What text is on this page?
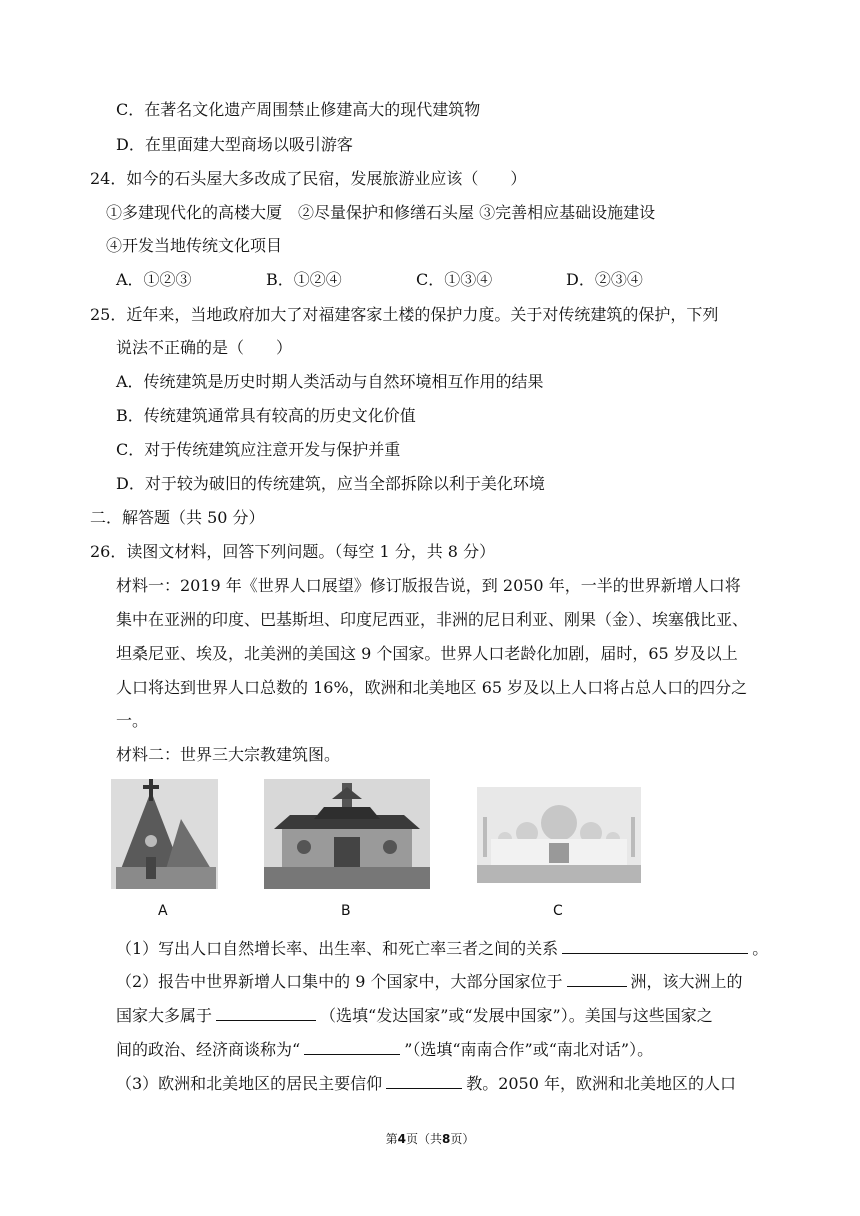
C．在著名文化遗产周围禁止修建高大的现代建筑物
D．在里面建大型商场以吸引游客
24．如今的石头屋大多改成了民宿，发展旅游业应该（　　）
①多建现代化的高楼大厦　②尽量保护和修缮石头屋 ③完善相应基础设施建设
④开发当地传统文化项目
A．①②③	B．①②④	C．①③④	D．②③④
25．近年来，当地政府加大了对福建客家土楼的保护力度。关于对传统建筑的保护，下列
说法不正确的是（　　）
A．传统建筑是历史时期人类活动与自然环境相互作用的结果
B．传统建筑通常具有较高的历史文化价值
C．对于传统建筑应注意开发与保护并重
D．对于较为破旧的传统建筑，应当全部拆除以利于美化环境
二．解答题（共 50 分）
26．读图文材料，回答下列问题。（每空 1 分，共 8 分）
材料一：2019 年《世界人口展望》修订版报告说，到 2050 年，一半的世界新增人口将
集中在亚洲的印度、巴基斯坦、印度尼西亚，非洲的尼日利亚、刚果（金）、埃塞俄比亚、
坦桑尼亚、埃及，北美洲的美国这 9 个国家。世界人口老龄化加剧，届时，65 岁及以上
人口将达到世界人口总数的 16%，欧洲和北美地区 65 岁及以上人口将占总人口的四分之
一。
材料二：世界三大宗教建筑图。
A	B	C
（1）写出人口自然增长率、出生率、和死亡率三者之间的关系	。
（2）报告中世界新增人口集中的 9 个国家中，大部分国家位于	洲，该大洲上的
国家大多属于	（选填“发达国家”或“发展中国家”）。美国与这些国家之
间的政治、经济商谈称为“	”（选填“南南合作”或“南北对话”）。
（3）欧洲和北美地区的居民主要信仰	教。2050 年，欧洲和北美地区的人口
第4页（共8页）
